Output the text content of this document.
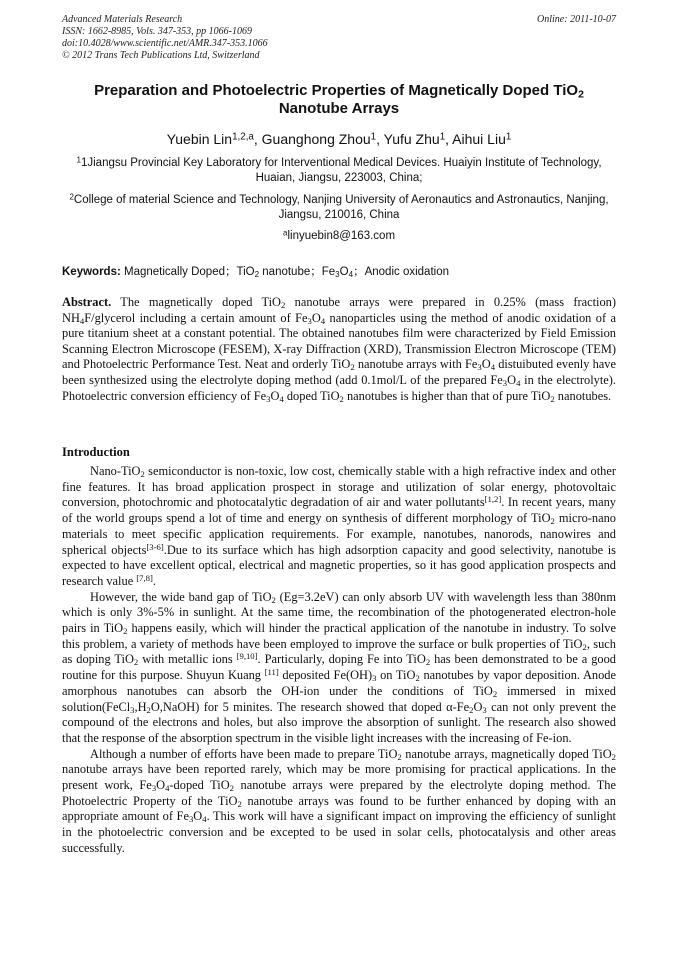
Advanced Materials Research
ISSN: 1662-8985, Vols. 347-353, pp 1066-1069
doi:10.4028/www.scientific.net/AMR.347-353.1066
© 2012 Trans Tech Publications Ltd, Switzerland
Online: 2011-10-07
Preparation and Photoelectric Properties of Magnetically Doped TiO$_2$
Nanotube Arrays
Yuebin Lin$^{1,2,a}$, Guanghong Zhou$^1$, Yufu Zhu$^1$, Aihui Liu$^1$
$^1$1Jiangsu Provincial Key Laboratory for Interventional Medical Devices. Huaiyin Institute of Technology, Huaian, Jiangsu, 223003, China;
$^2$College of material Science and Technology, Nanjing University of Aeronautics and Astronautics, Nanjing, Jiangsu, 210016, China
$^a$linyuebin8@163.com
Keywords: Magnetically Doped；TiO$_2$ nanotube；$Fe_3O_4$；Anodic oxidation
Abstract. The magnetically doped TiO$_2$ nanotube arrays were prepared in 0.25% (mass fraction) $NH_4F$/glycerol including a certain amount of $Fe_3O_4$ nanoparticles using the method of anodic oxidation of a pure titanium sheet at a constant potential. The obtained nanotubes film were characterized by Field Emission Scanning Electron Microscope (FESEM), X-ray Diffraction (XRD), Transmission Electron Microscope (TEM) and Photoelectric Performance Test. Neat and orderly TiO$_2$ nanotube arrays with $Fe_3O_4$ distuibuted evenly have been synthesized using the electrolyte doping method (add 0.1mol/L of the prepared $Fe_3O_4$ in the electrolyte). Photoelectric conversion efficiency of $Fe_3O_4$ doped TiO$_2$ nanotubes is higher than that of pure TiO$_2$ nanotubes.
Introduction

Nano-TiO$_2$ semiconductor is non-toxic, low cost, chemically stable with a high refractive index and other fine features. It has broad application prospect in storage and utilization of solar energy, photovoltaic conversion, photochromic and photocatalytic degradation of air and water pollutants[1,2]. In recent years, many of the world groups spend a lot of time and energy on synthesis of different morphology of TiO$_2$ micro-nano materials to meet specific application requirements. For example, nanotubes, nanorods, nanowires and spherical objects[3-6].Due to its surface which has high adsorption capacity and good selectivity, nanotube is expected to have excellent optical, electrical and magnetic properties, so it has good application prospects and research value [7,8].

However, the wide band gap of TiO$_2$ (Eg=3.2eV) can only absorb UV with wavelength less than 380nm which is only 3%-5% in sunlight. At the same time, the recombination of the photogenerated electron-hole pairs in TiO$_2$ happens easily, which will hinder the practical application of the nanotube in industry. To solve this problem, a variety of methods have been employed to improve the surface or bulk properties of TiO$_2$, such as doping TiO$_2$ with metallic ions [9,10]. Particularly, doping Fe into TiO$_2$ has been demonstrated to be a good routine for this purpose. Shuyun Kuang [11] deposited $Fe(OH)_3$ on TiO$_2$ nanotubes by vapor deposition. Anode amorphous nanotubes can absorb the OH-ion under the conditions of TiO$_2$ immersed in mixed $solution(FeCl_3,H_2O,NaOH)$ for 5 minites. The research showed that doped $\alpha-Fe_2O_3$ can not only prevent the compound of the electrons and holes, but also improve the absorption of sunlight. The research also showed that the response of the absorption spectrum in the visible light increases with the increasing of Fe-ion.

Although a number of efforts have been made to prepare TiO$_2$ nanotube arrays, magnetically doped TiO$_2$ nanotube arrays have been reported rarely, which may be more promising for practical applications. In the present work, $Fe_3O_4$-doped TiO$_2$ nanotube arrays were prepared by the electrolyte doping method. The Photoelectric Property of the TiO$_2$ nanotube arrays was found to be further enhanced by doping with an appropriate amount of $Fe_3O_4$. This work will have a significant impact on improving the efficiency of sunlight in the photoelectric conversion and be excepted to be used in solar cells, photocatalysis and other areas successfully.
